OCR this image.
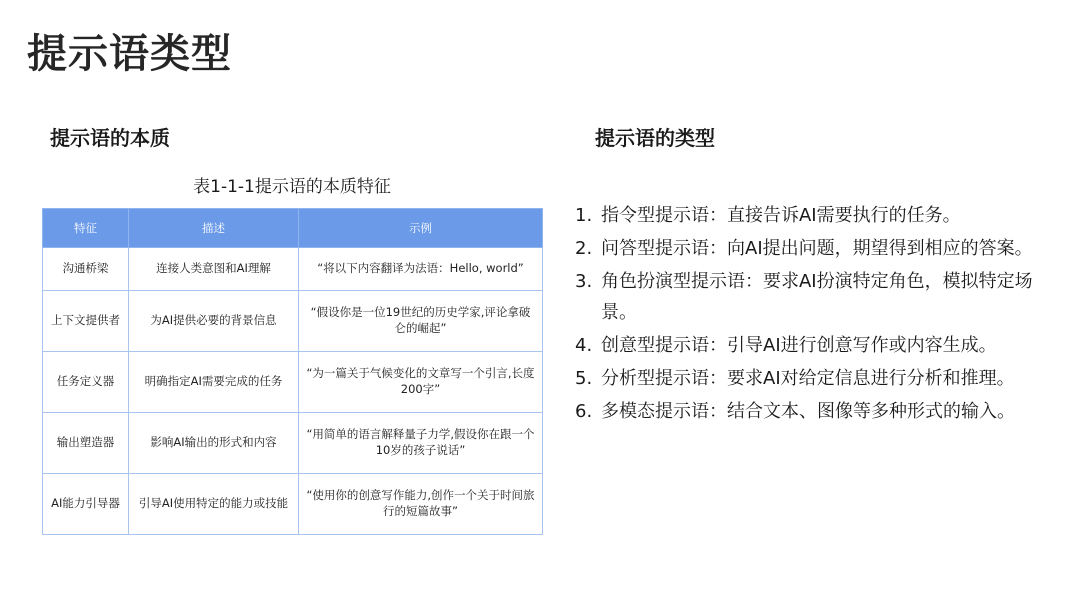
提示语类型
提示语的本质
表1-1-1提示语的本质特征
特征	描述	示例
沟通桥梁	连接人类意图和AI理解	“将以下内容翻译为法语：Hello, world”
上下文提供者	为AI提供必要的背景信息	“假设你是一位19世纪的历史学家,评论拿破仑的崛起”
任务定义器	明确指定AI需要完成的任务	“为一篇关于气候变化的文章写一个引言,长度200字”
输出塑造器	影响AI输出的形式和内容	“用简单的语言解释量子力学,假设你在跟一个10岁的孩子说话”
AI能力引导器	引导AI使用特定的能力或技能	“使用你的创意写作能力,创作一个关于时间旅行的短篇故事”
提示语的类型
1. 指令型提示语：直接告诉AI需要执行的任务。
2. 问答型提示语：向AI提出问题，期望得到相应的答案。
3. 角色扮演型提示语：要求AI扮演特定角色，模拟特定场景。
4. 创意型提示语：引导AI进行创意写作或内容生成。
5. 分析型提示语：要求AI对给定信息进行分析和推理。
6. 多模态提示语：结合文本、图像等多种形式的输入。
